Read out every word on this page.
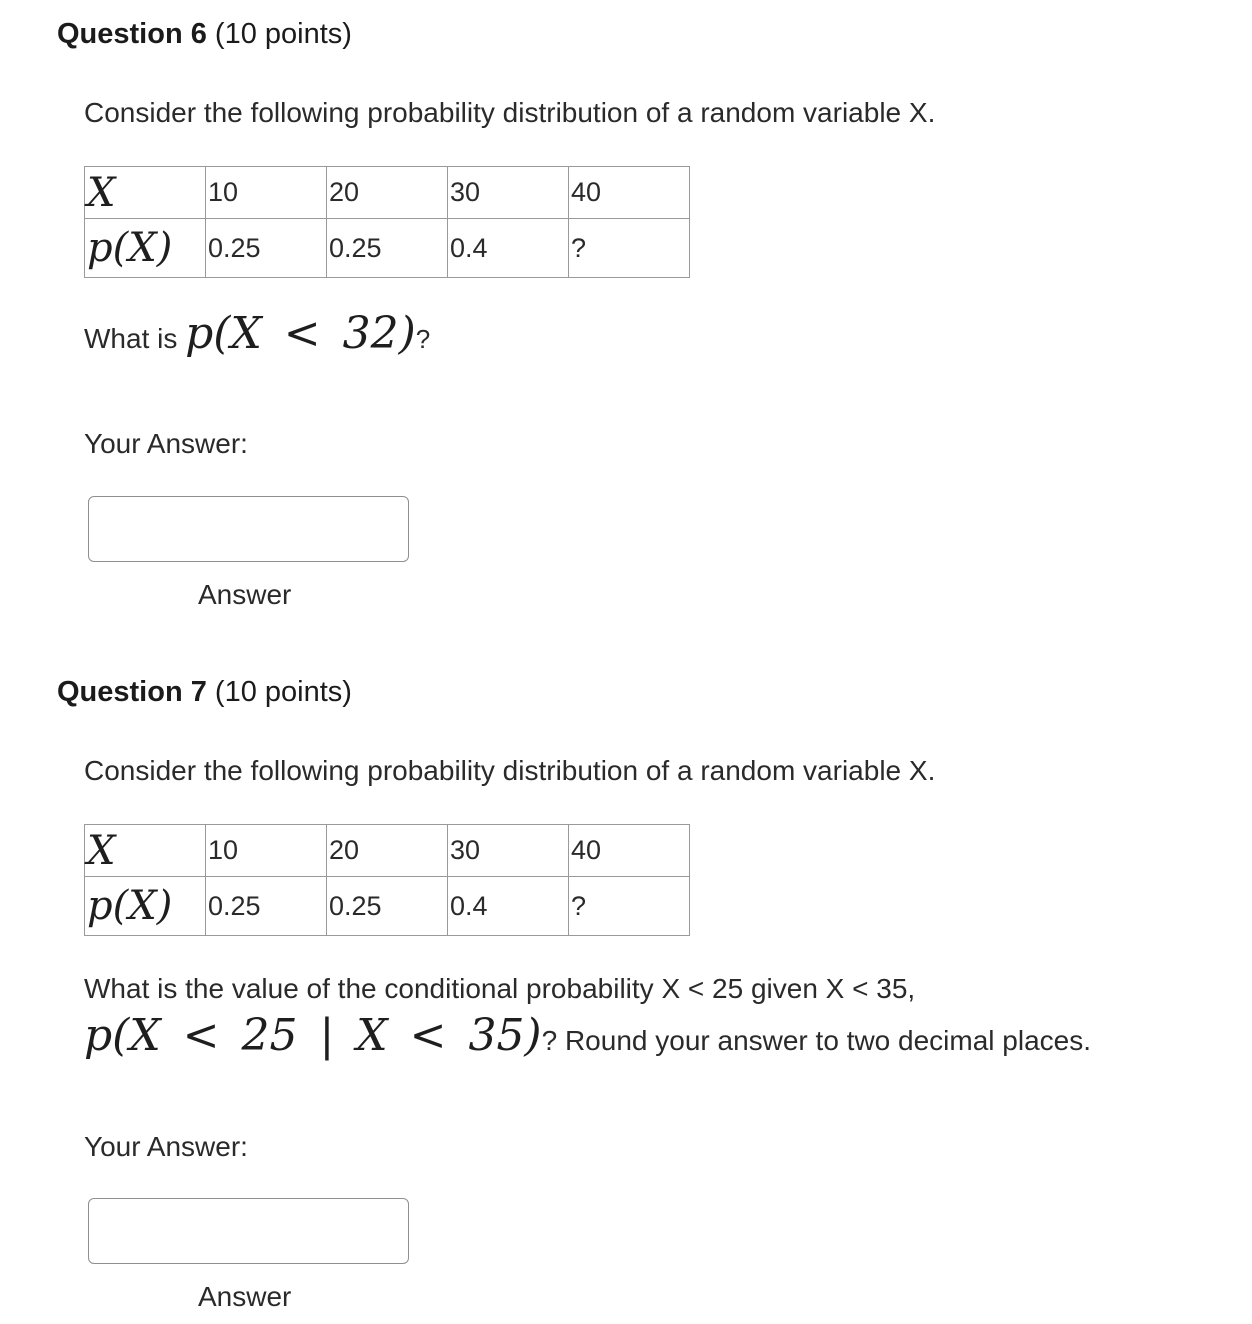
Question 6 (10 points)
Consider the following probability distribution of a random variable X.
X	10	20	30	40
p(X)	0.25	0.25	0.4	?
What is p(X < 32)?
Your Answer:
Answer
Question 7 (10 points)
Consider the following probability distribution of a random variable X.
X	10	20	30	40
p(X)	0.25	0.25	0.4	?
What is the value of the conditional probability X < 25 given X < 35,
p(X < 25 | X < 35)? Round your answer to two decimal places.
Your Answer:
Answer
